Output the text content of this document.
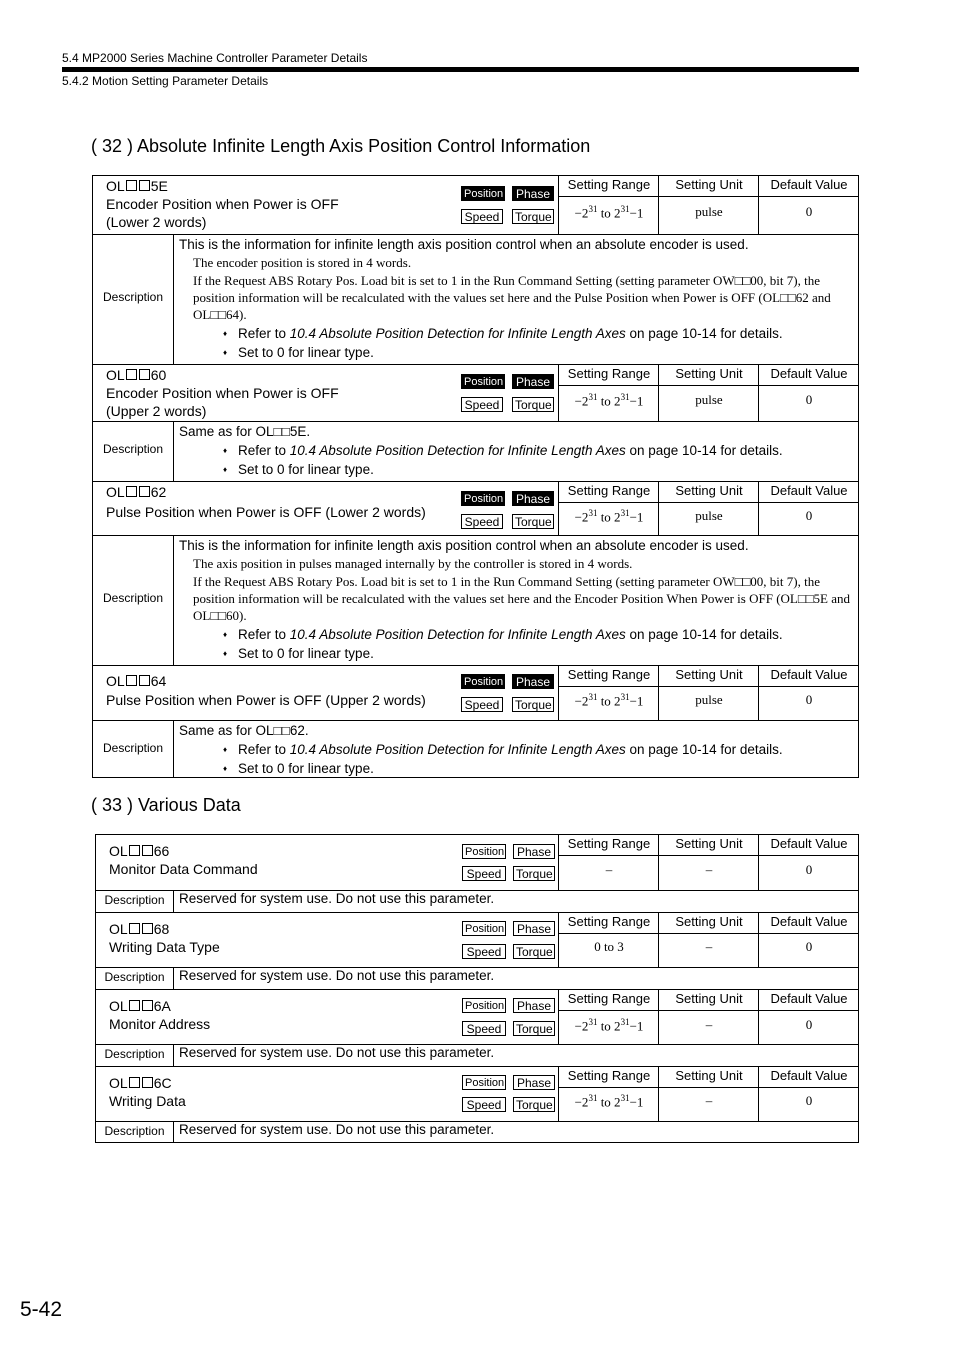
5.4 MP2000 Series Machine Controller Parameter Details
5.4.2 Motion Setting Parameter Details
( 32 ) Absolute Infinite Length Axis Position Control Information
OL 5E
Encoder Position when Power is OFF
(Lower 2 words)
Position	Phase
Speed	Torque
Setting Range	Setting Unit	Default Value
$-2^{31}$ to $2^{31}-1$	pulse	0
Description
This is the information for infinite length axis position control when an absolute encoder is used.
The encoder position is stored in 4 words.
If the Request ABS Rotary Pos. Load bit is set to 1 in the Run Command Setting (setting parameter OW□□00, bit 7), the position information will be recalculated with the values set here and the Pulse Position when Power is OFF (OL□□62 and OL□□64).
♦ Refer to 10.4 Absolute Position Detection for Infinite Length Axes on page 10-14 for details.
♦ Set to 0 for linear type.
OL 60
Encoder Position when Power is OFF
(Upper 2 words)
Position	Phase
Speed	Torque
Setting Range	Setting Unit	Default Value
$-2^{31}$ to $2^{31}-1$	pulse	0
Description
Same as for OL□□5E.
♦ Refer to 10.4 Absolute Position Detection for Infinite Length Axes on page 10-14 for details.
♦ Set to 0 for linear type.
OL 62
Pulse Position when Power is OFF (Lower 2 words)
Position	Phase
Speed	Torque
Setting Range	Setting Unit	Default Value
$-2^{31}$ to $2^{31}-1$	pulse	0
Description
This is the information for infinite length axis position control when an absolute encoder is used.
The axis position in pulses managed internally by the controller is stored in 4 words.
If the Request ABS Rotary Pos. Load bit is set to 1 in the Run Command Setting (setting parameter OW□□00, bit 7), the position information will be recalculated with the values set here and the Encoder Position When Power is OFF (OL□□5E and OL□□60).
♦ Refer to 10.4 Absolute Position Detection for Infinite Length Axes on page 10-14 for details.
♦ Set to 0 for linear type.
OL 64
Pulse Position when Power is OFF (Upper 2 words)
Position	Phase
Speed	Torque
Setting Range	Setting Unit	Default Value
$-2^{31}$ to $2^{31}-1$	pulse	0
Description
Same as for OL□□62.
♦ Refer to 10.4 Absolute Position Detection for Infinite Length Axes on page 10-14 for details.
♦ Set to 0 for linear type.
( 33 ) Various Data
OL 66
Monitor Data Command
Position	Phase
Speed	Torque
Setting Range	Setting Unit	Default Value
–	–	0
Description	Reserved for system use. Do not use this parameter.
OL 68
Writing Data Type
Position	Phase
Speed	Torque
Setting Range	Setting Unit	Default Value
0 to 3	–	0
Description	Reserved for system use. Do not use this parameter.
OL 6A
Monitor Address
Position	Phase
Speed	Torque
Setting Range	Setting Unit	Default Value
$-2^{31}$ to $2^{31}-1$	–	0
Description	Reserved for system use. Do not use this parameter.
OL 6C
Writing Data
Position	Phase
Speed	Torque
Setting Range	Setting Unit	Default Value
$-2^{31}$ to $2^{31}-1$	–	0
Description	Reserved for system use. Do not use this parameter.
5-42
